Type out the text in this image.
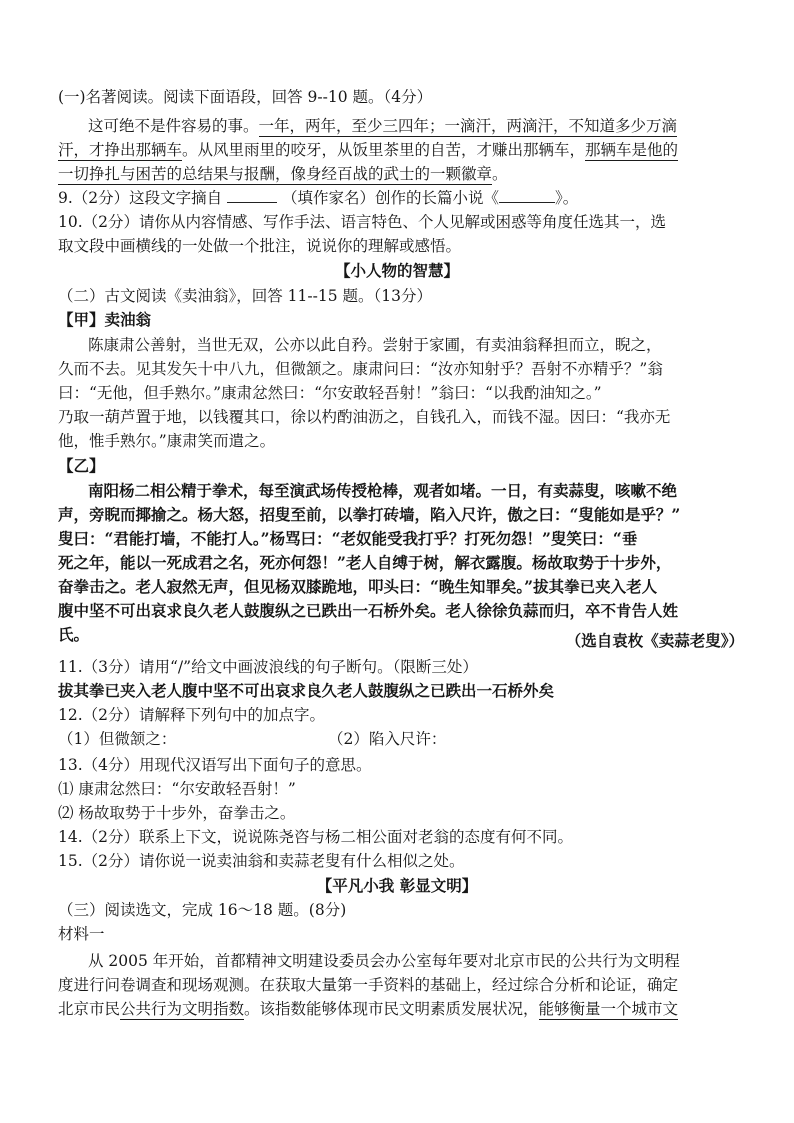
(一)名著阅读。阅读下面语段，回答 9--10 题。（4分）
这可绝不是件容易的事。一年，两年，至少三四年；一滴汗，两滴汗，不知道多少万滴
汗，才挣出那辆车。从风里雨里的咬牙，从饭里茶里的自苦，才赚出那辆车，那辆车是他的
一切挣扎与困苦的总结果与报酬，像身经百战的武士的一颗徽章。
9.（2分）这段文字摘自	（填作家名）创作的长篇小说《	》。
10.（2分）请你从内容情感、写作手法、语言特色、个人见解或困惑等角度任选其一，选
取文段中画横线的一处做一个批注，说说你的理解或感悟。
【小人物的智慧】
（二）古文阅读《卖油翁》，回答 11--15 题。（13分）
【甲】卖油翁
陈康肃公善射，当世无双，公亦以此自矜。尝射于家圃，有卖油翁释担而立，睨之，
久而不去。见其发矢十中八九，但微颔之。康肃问曰：“汝亦知射乎？吾射不亦精乎？”翁
曰：“无他，但手熟尔。”康肃忿然曰：“尔安敢轻吾射！”翁曰：“以我酌油知之。”
乃取一葫芦置于地，以钱覆其口，徐以杓酌油沥之，自钱孔入，而钱不湿。因曰：“我亦无
他，惟手熟尔。”康肃笑而遣之。
【乙】
南阳杨二相公精于拳术，每至演武场传授枪棒，观者如堵。一日，有卖蒜叟，咳嗽不绝
声，旁睨而揶揄之。杨大怒，招叟至前，以拳打砖墙，陷入尺许，傲之曰：“叟能如是乎？”
叟曰：“君能打墙，不能打人。”杨骂曰：“老奴能受我打乎？打死勿怨！”叟笑曰：“垂
死之年，能以一死成君之名，死亦何怨！”老人自缚于树，解衣露腹。杨故取势于十步外，
奋拳击之。老人寂然无声，但见杨双膝跪地，叩头曰：“晚生知罪矣。”拔其拳已夹入老人
腹中坚不可出哀求良久老人鼓腹纵之已跌出一石桥外矣。老人徐徐负蒜而归，卒不肯告人姓
氏。	（选自袁枚《卖蒜老叟》）
11.（3分）请用“/”给文中画波浪线的句子断句。（限断三处）
拔其拳已夹入老人腹中坚不可出哀求良久老人鼓腹纵之已跌出一石桥外矣
12.（2分）请解释下列句中的加点字。
（1）但微颔之：	（2）陷入尺许：
13.（4分）用现代汉语写出下面句子的意思。
⑴ 康肃忿然曰：“尔安敢轻吾射！”
⑵ 杨故取势于十步外，奋拳击之。
14.（2分）联系上下文，说说陈尧咨与杨二相公面对老翁的态度有何不同。
15.（2分）请你说一说卖油翁和卖蒜老叟有什么相似之处。
【平凡小我 彰显文明】
（三）阅读选文，完成 16～18 题。(8分)
材料一
从 2005 年开始，首都精神文明建设委员会办公室每年要对北京市民的公共行为文明程
度进行问卷调查和现场观测。在获取大量第一手资料的基础上，经过综合分析和论证，确定
北京市民公共行为文明指数。该指数能够体现市民文明素质发展状况，能够衡量一个城市文
